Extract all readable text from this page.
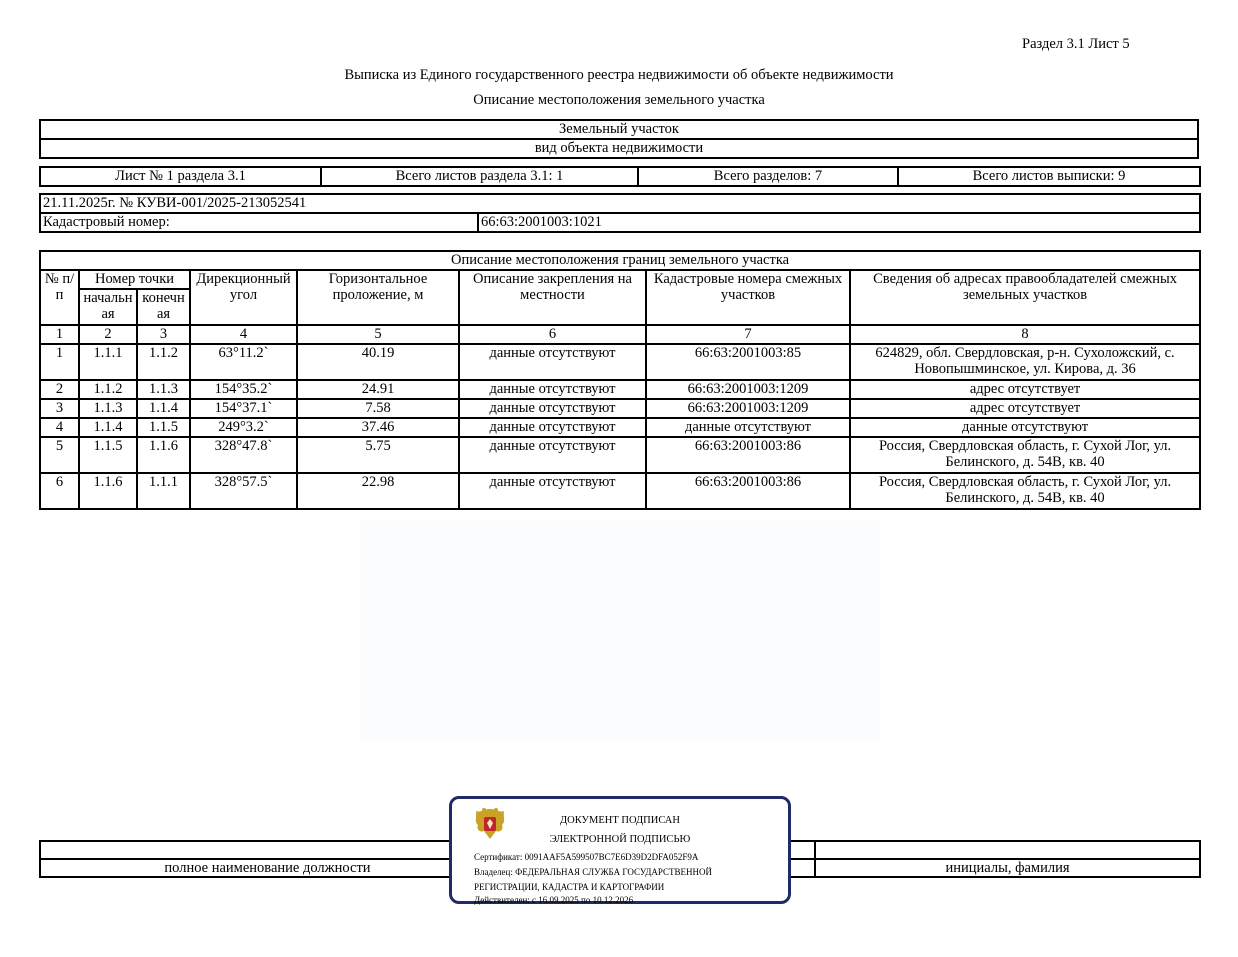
Раздел 3.1 Лист 5
Выписка из Единого государственного реестра недвижимости об объекте недвижимости
Описание местоположения земельного участка
Земельный участок
вид объекта недвижимости
Лист № 1 раздела 3.1	Всего листов раздела 3.1: 1	Всего разделов: 7	Всего листов выписки: 9
21.11.2025г. № КУВИ-001/2025-213052541
Кадастровый номер:	66:63:2001003:1021
Описание местоположения границ земельного участка							
№ п/п	Номер точки		Дирекционный угол	Горизонтальное проложение, м	Описание закрепления на местности	Кадастровые номера смежных участков	Сведения об адресах правообладателей смежных земельных участков
	начальн ая	конечн ая					
1	2	3	4	5	6	7	8
1	1.1.1	1.1.2	63°11.2`	40.19	данные отсутствуют	66:63:2001003:85	624829, обл. Свердловская, р-н. Сухоложский, с. Новопышминское, ул. Кирова, д. 36
2	1.1.2	1.1.3	154°35.2`	24.91	данные отсутствуют	66:63:2001003:1209	адрес отсутствует
3	1.1.3	1.1.4	154°37.1`	7.58	данные отсутствуют	66:63:2001003:1209	адрес отсутствует
4	1.1.4	1.1.5	249°3.2`	37.46	данные отсутствуют	данные отсутствуют	данные отсутствуют
5	1.1.5	1.1.6	328°47.8`	5.75	данные отсутствуют	66:63:2001003:86	Россия, Свердловская область, г. Сухой Лог, ул. Белинского, д. 54В, кв. 40
6	1.1.6	1.1.1	328°57.5`	22.98	данные отсутствуют	66:63:2001003:86	Россия, Свердловская область, г. Сухой Лог, ул. Белинского, д. 54В, кв. 40

полное наименование должности		инициалы, фамилия
ДОКУМЕНТ ПОДПИСАН
ЭЛЕКТРОННОЙ ПОДПИСЬЮ
Сертификат: 0091AAF5A599507BC7E6D39D2DFA052F9A
Владелец: ФЕДЕРАЛЬНАЯ СЛУЖБА ГОСУДАРСТВЕННОЙ
РЕГИСТРАЦИИ, КАДАСТРА И КАРТОГРАФИИ
Действителен: с 16.09.2025 по 10.12.2026
